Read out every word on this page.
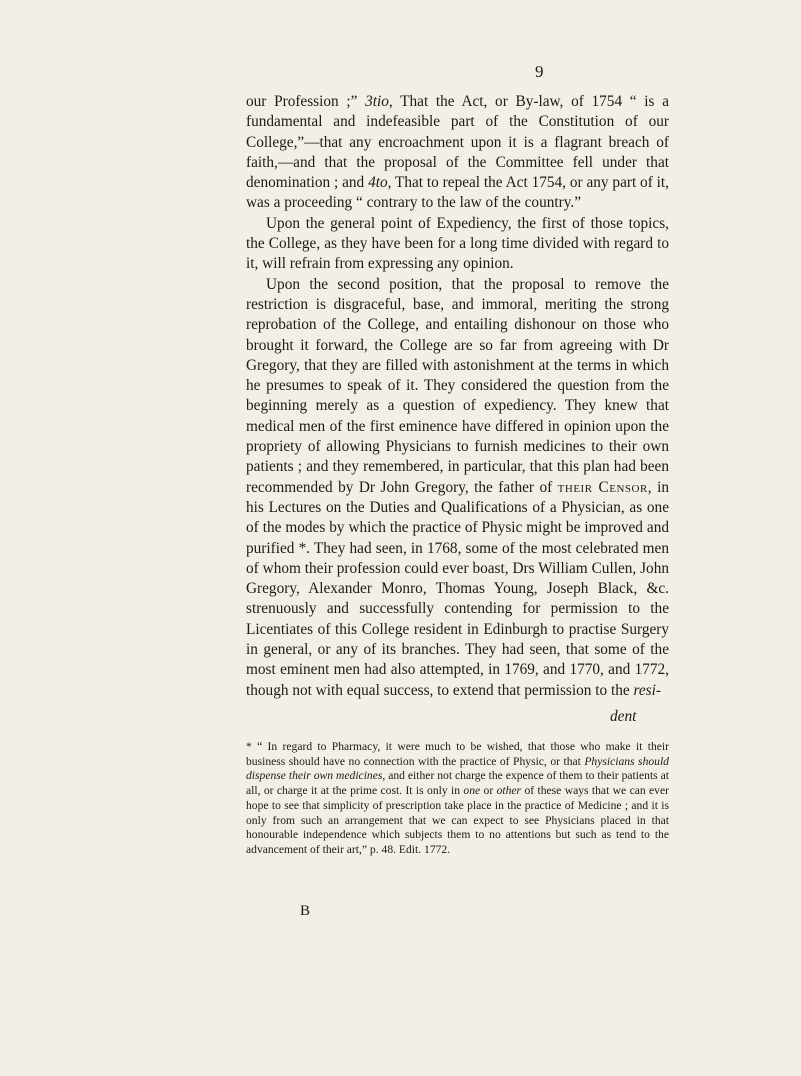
9

our Profession ;” 3tio, That the Act, or By-law, of 1754 “ is a fundamental and indefeasible part of the Constitution of our College,”—that any encroachment upon it is a flagrant breach of faith,—and that the proposal of the Committee fell under that denomination ; and 4to, That to repeal the Act 1754, or any part of it, was a proceeding “ contrary to the law of the country.”

Upon the general point of Expediency, the first of those topics, the College, as they have been for a long time divided with regard to it, will refrain from expressing any opinion.

Upon the second position, that the proposal to remove the restriction is disgraceful, base, and immoral, meriting the strong reprobation of the College, and entailing dishonour on those who brought it forward, the College are so far from agreeing with Dr Gregory, that they are filled with astonishment at the terms in which he presumes to speak of it. They considered the question from the beginning merely as a question of expediency. They knew that medical men of the first eminence have differed in opinion upon the propriety of allowing Physicians to furnish medicines to their own patients ; and they remembered, in particular, that this plan had been recommended by Dr John Gregory, the father of their Censor, in his Lectures on the Duties and Qualifications of a Physician, as one of the modes by which the practice of Physic might be improved and purified *. They had seen, in 1768, some of the most celebrated men of whom their profession could ever boast, Drs William Cullen, John Gregory, Alexander Monro, Thomas Young, Joseph Black, &c. strenuously and successfully contending for permission to the Licentiates of this College resident in Edinburgh to practise Surgery in general, or any of its branches. They had seen, that some of the most eminent men had also attempted, in 1769, and 1770, and 1772, though not with equal success, to extend that permission to the resi-

dent
* “ In regard to Pharmacy, it were much to be wished, that those who make it their business should have no connection with the practice of Physic, or that Physicians should dispense their own medicines, and either not charge the expence of them to their patients at all, or charge it at the prime cost. It is only in one or other of these ways that we can ever hope to see that simplicity of prescription take place in the practice of Medicine ; and it is only from such an arrangement that we can expect to see Physicians placed in that honourable independence which subjects them to no attentions but such as tend to the advancement of their art,” p. 48. Edit. 1772.
B
